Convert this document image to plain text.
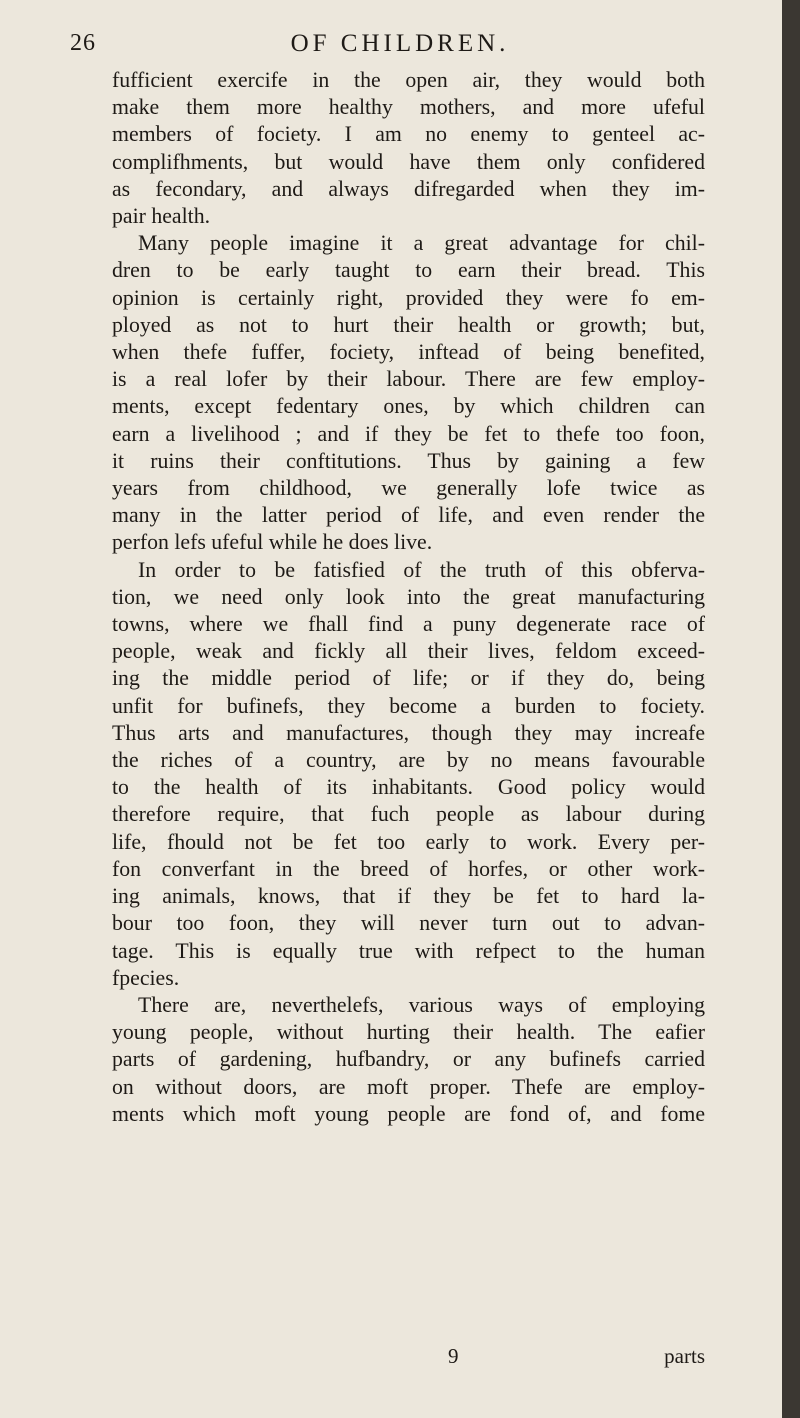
26	OF CHILDREN.
fufficient exercife in the open air, they would both
make them more healthy mothers, and more ufeful
members of fociety. I am no enemy to genteel ac-
complifhments, but would have them only confidered
as fecondary, and always difregarded when they im-
pair health.
Many people imagine it a great advantage for chil-
dren to be early taught to earn their bread. This
opinion is certainly right, provided they were fo em-
ployed as not to hurt their health or growth; but,
when thefe fuffer, fociety, inftead of being benefited,
is a real lofer by their labour. There are few employ-
ments, except fedentary ones, by which children can
earn a livelihood ; and if they be fet to thefe too foon,
it ruins their conftitutions. Thus by gaining a few
years from childhood, we generally lofe twice as
many in the latter period of life, and even render the
perfon lefs ufeful while he does live.
In order to be fatisfied of the truth of this obferva-
tion, we need only look into the great manufacturing
towns, where we fhall find a puny degenerate race of
people, weak and fickly all their lives, feldom exceed-
ing the middle period of life; or if they do, being
unfit for bufinefs, they become a burden to fociety.
Thus arts and manufactures, though they may increafe
the riches of a country, are by no means favourable
to the health of its inhabitants. Good policy would
therefore require, that fuch people as labour during
life, fhould not be fet too early to work. Every per-
fon converfant in the breed of horfes, or other work-
ing animals, knows, that if they be fet to hard la-
bour too foon, they will never turn out to advan-
tage. This is equally true with refpect to the human
fpecies.
There are, neverthelefs, various ways of employing
young people, without hurting their health. The eafier
parts of gardening, hufbandry, or any bufinefs carried
on without doors, are moft proper. Thefe are employ-
ments which moft young people are fond of, and fome
9	parts
